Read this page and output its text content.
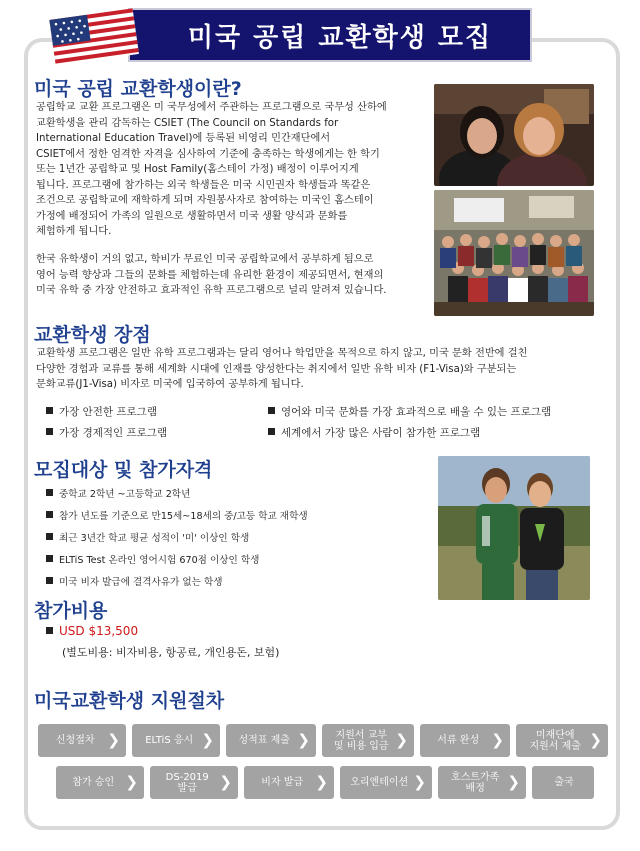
미국 공립 교환학생 모집
미국 공립 교환학생이란?
공립학교 교환 프로그램은 미 국무성에서 주관하는 프로그램으로 국무성 산하에
교환학생을 관리 감독하는 CSIET (The Council on Standards for
International Education Travel)에 등록된 비영리 민간재단에서
CSIET에서 정한 엄격한 자격을 심사하여 기준에 충족하는 학생에게는 한 학기
또는 1년간 공립학교 및 Host Family(홈스테이 가정) 배정이 이루어지게
됩니다. 프로그램에 참가하는 외국 학생들은 미국 시민권자 학생들과 똑같은
조건으로 공립학교에 재학하게 되며 자원봉사자로 참여하는 미국인 홈스테이
가정에 배정되어 가족의 일원으로 생활하면서 미국 생활 양식과 문화를
체험하게 됩니다.
한국 유학생이 거의 없고, 학비가 무료인 미국 공립학교에서 공부하게 됨으로
영어 능력 향상과 그들의 문화를 체험하는데 유리한 환경이 제공되면서, 현재의
미국 유학 중 가장 안전하고 효과적인 유학 프로그램으로 널리 알려져 있습니다.
교환학생 장점
교환학생 프로그램은 일반 유학 프로그램과는 달리 영어나 학업만을 목적으로 하지 않고, 미국 문화 전반에 걸친
다양한 경험과 교류를 통해 세계화 시대에 인재를 양성한다는 취지에서 일반 유학 비자 (F1-Visa)와 구분되는
문화교류(J1-Visa) 비자로 미국에 입국하여 공부하게 됩니다.
가장 안전한 프로그램	영어와 미국 문화를 가장 효과적으로 배울 수 있는 프로그램
가장 경제적인 프로그램	세계에서 가장 많은 사람이 참가한 프로그램
모집대상 및 참가자격
중학교 2학년 ~고등학교 2학년
참가 년도를 기준으로 만15세~18세의 중/고등 학교 재학생
최근 3년간 학교 평균 성적이 '미' 이상인 학생
ELTiS Test 온라인 영어시험 670점 이상인 학생
미국 비자 발급에 결격사유가 없는 학생
참가비용
USD $13,500
(별도비용: 비자비용, 항공료, 개인용돈, 보험)
미국교환학생 지원절차
신청절차 ❯	ELTiS 응시 ❯	성적표 제출 ❯	지원서 교부
및 비용 입금 ❯	서류 완성 ❯	미재단에
지원서 제출 ❯
참가 승인 ❯	DS-2019
발급	❯	비자 발급 ❯ 오리엔테이션 ❯	호스트가족
배정	❯	출국
